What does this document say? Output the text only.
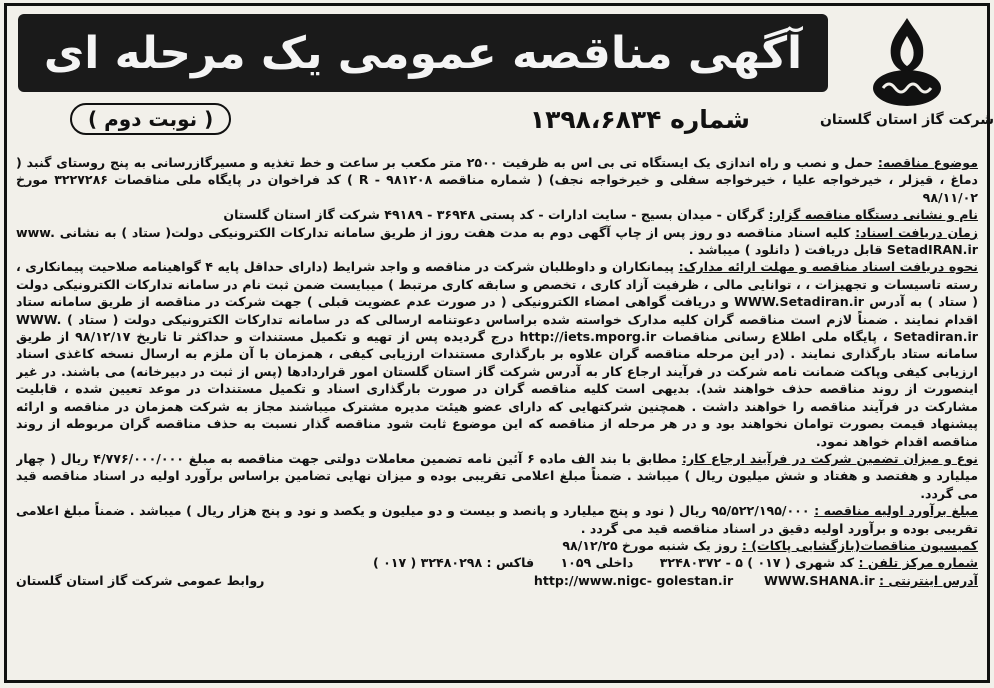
آگهی مناقصه عمومی یک مرحله ای
شماره ۱۳۹۸،۶۸۳۴
( نوبت دوم )	شرکت گاز استان گلستان

موضوع مناقصه: حمل و نصب و راه اندازی یک ایستگاه تی بی اس به ظرفیت ۲۵۰۰ متر مکعب بر ساعت و خط تغذیه و مسیرگازرسانی به پنج روستای گنبد ( دماغ ، قیزلر ، خیرخواجه علیا ، خیرخواجه سفلی و خیرخواجه نجف) ( شماره مناقصه R - ۹۸۱۲۰۸ ) کد فراخوان در پایگاه ملی مناقصات ۳۲۲۷۲۸۶ مورخ ۹۸/۱۱/۰۲

نام و نشانی دستگاه مناقصه گزار: گرگان - میدان بسیج - سایت ادارات - کد پستی ۳۶۹۴۸ - ۴۹۱۸۹ شرکت گاز استان گلستان

زمان دریافت اسناد: کلیه اسناد مناقصه دو روز پس از چاپ آگهی دوم به مدت هفت روز از طریق سامانه تدارکات الکترونیکی دولت( ستاد ) به نشانی www. SetadIRAN.ir قابل دریافت ( دانلود ) میباشد .

نحوه دریافت اسناد مناقصه و مهلت ارائه مدارک: پیمانکاران و داوطلبان شرکت در مناقصه و واجد شرایط (دارای حداقل پایه ۴ گواهینامه صلاحیت پیمانکاری ، رسته تاسیسات و تجهیزات ، ، توانایی مالی ، ظرفیت آزاد کاری ، تخصص و سابقه کاری مرتبط ) میبایست ضمن ثبت نام در سامانه تدارکات الکترونیکی دولت ( ستاد ) به آدرس WWW.Setadiran.ir و دریافت گواهی امضاء الکترونیکی ( در صورت عدم عضویت قبلی ) جهت شرکت در مناقصه از طریق سامانه ستاد اقدام نمایند . ضمناً لازم است مناقصه گران کلیه مدارک خواسته شده براساس دعوتنامه ارسالی که در سامانه تدارکات الکترونیکی دولت ( ستاد ) WWW. Setadiran.ir ، پایگاه ملی اطلاع رسانی مناقصات http://iets.mporg.ir درج گردیده پس از تهیه و تکمیل مستندات و حداکثر تا تاریخ ۹۸/۱۲/۱۷ از طریق سامانه ستاد بارگذاری نمایند . (در این مرحله مناقصه گران علاوه بر بارگذاری مستندات ارزیابی کیفی ، همزمان با آن ملزم به ارسال نسخه کاغذی اسناد ارزیابی کیفی وپاکت ضمانت نامه شرکت در فرآیند ارجاع کار به آدرس شرکت گاز استان گلستان امور قراردادها (پس از ثبت در دبیرخانه) می باشند. در غیر اینصورت از روند مناقصه حذف خواهند شد). بدیهی است کلیه مناقصه گران در صورت بارگذاری اسناد و تکمیل مستندات در موعد تعیین شده ، قابلیت مشارکت در فرآیند مناقصه را خواهند داشت . همچنین شرکتهایی که دارای عضو هیئت مدیره مشترک میباشند مجاز به شرکت همزمان در مناقصه و ارائه پیشنهاد قیمت بصورت توامان نخواهند بود و در هر مرحله از مناقصه که این موضوع ثابت شود مناقصه گذار نسبت به حذف مناقصه گران مربوطه از روند مناقصه اقدام خواهد نمود.

نوع و میزان تضمین شرکت در فرآیند ارجاع کار: مطابق با بند الف ماده ۶ آئین نامه تضمین معاملات دولتی جهت مناقصه به مبلغ ۴/۷۷۶/۰۰۰/۰۰۰ ریال ( چهار میلیارد و هفتصد و هفتاد و شش میلیون ریال ) میباشد . ضمناً مبلغ اعلامی تقریبی بوده و میزان نهایی تضامین براساس برآورد اولیه در اسناد مناقصه قید می گردد.

مبلغ برآورد اولیه مناقصه : ۹۵/۵۲۲/۱۹۵/۰۰۰ ریال ( نود و پنج میلیارد و پانصد و بیست و دو میلیون و یکصد و نود و پنج هزار ریال ) میباشد . ضمناً مبلغ اعلامی تقریبی بوده و برآورد اولیه دقیق در اسناد مناقصه قید می گردد .

کمیسیون مناقصات(بازگشایی پاکات) : روز یک شنبه مورخ ۹۸/۱۲/۲۵

شماره مرکز تلفن : کد شهری ( ۰۱۷ ) ۵ - ۳۲۴۸۰۳۷۲ داخلی ۱۰۵۹ فاکس : ۳۲۴۸۰۲۹۸ ( ۰۱۷ )

آدرس اینترنتی : http://www.nigc- golestan.ir WWW.SHANA.ir
روابط عمومی شرکت گاز استان گلستان
